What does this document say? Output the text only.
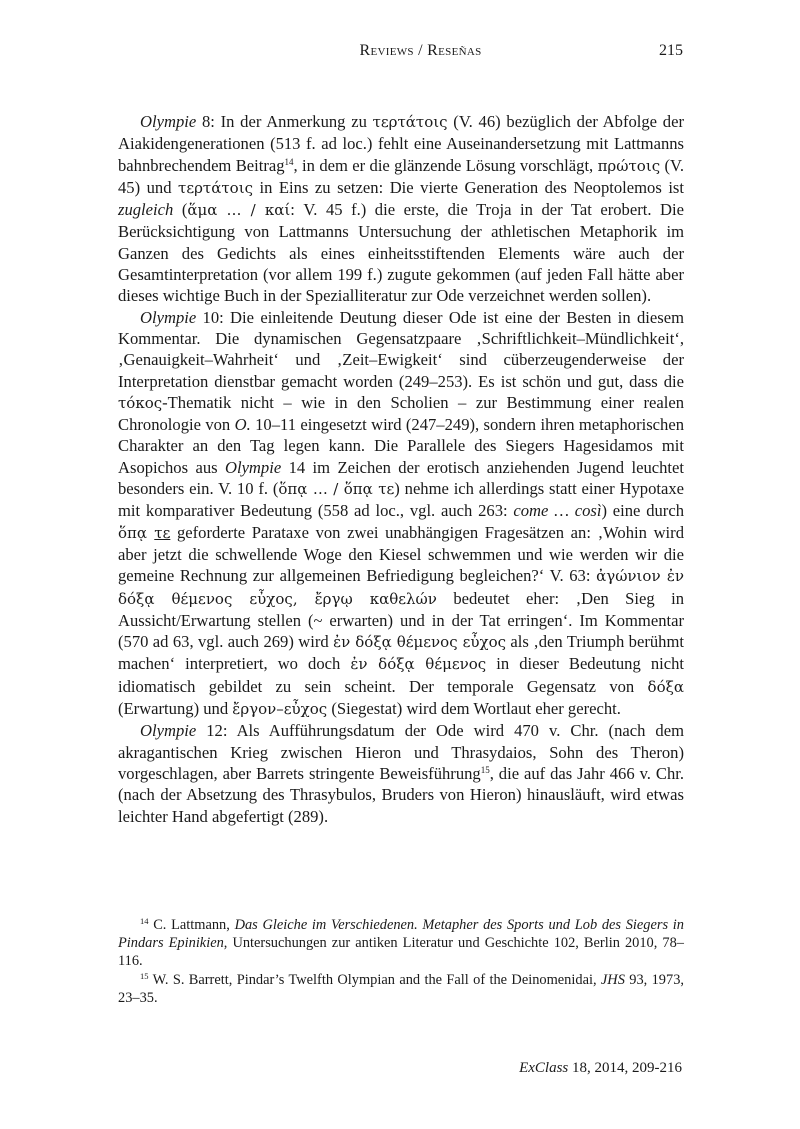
Reviews / Reseñas	215

Olympie 8: In der Anmerkung zu τερτάτοις (V. 46) bezüglich der Abfolge der Aiakidengenerationen (513 f. ad loc.) fehlt eine Auseinandersetzung mit Lattmanns bahnbrechendem Beitrag$^{14}$, in dem er die glänzende Lösung vorschlägt, πρώτοις (V. 45) und τερτάτοις in Eins zu setzen: Die vierte Generation des Neoptolemos ist zugleich (ἅμα … / καί: V. 45 f.) die erste, die Troja in der Tat erobert. Die Berücksichtigung von Lattmanns Untersuchung der athletischen Metaphorik im Ganzen des Gedichts als eines einheitsstiftenden Elements wäre auch der Gesamtinterpretation (vor allem 199 f.) zugute gekommen (auf jeden Fall hätte aber dieses wichtige Buch in der Spezialliteratur zur Ode verzeichnet werden sollen).

Olympie 10: Die einleitende Deutung dieser Ode ist eine der Besten in diesem Kommentar. Die dynamischen Gegensatzpaare ‚Schriftlichkeit–Mündlichkeit‘, ‚Genauigkeit–Wahrheit‘ und ‚Zeit–Ewigkeit‘ sind cüberzeugenderweise der Interpretation dienstbar gemacht worden (249–253). Es ist schön und gut, dass die τόκος-Thematik nicht – wie in den Scholien – zur Bestimmung einer realen Chronologie von O. 10–11 eingesetzt wird (247–249), sondern ihren metaphorischen Charakter an den Tag legen kann. Die Parallele des Siegers Hagesidamos mit Asopichos aus Olympie 14 im Zeichen der erotisch anziehenden Jugend leuchtet besonders ein. V. 10 f. (ὅπᾳ … / ὅπᾳ τε) nehme ich allerdings statt einer Hypotaxe mit komparativer Bedeutung (558 ad loc., vgl. auch 263: come … così) eine durch ὅπᾳ τε geforderte Parataxe von zwei unabhängigen Fragesätzen an: ‚Wohin wird aber jetzt die schwellende Woge den Kiesel schwemmen und wie werden wir die gemeine Rechnung zur allgemeinen Befriedigung begleichen?‘ V. 63: ἀγώνιον ἐν δόξᾳ θέμενος εὖχος, ἔργῳ καθελών bedeutet eher: ‚Den Sieg in Aussicht/Erwartung stellen (~ erwarten) und in der Tat erringen‘. Im Kommentar (570 ad 63, vgl. auch 269) wird ἐν δόξᾳ θέμενος εὖχος als ‚den Triumph berühmt machen‘ interpretiert, wo doch ἐν δόξᾳ θέμενος in dieser Bedeutung nicht idiomatisch gebildet zu sein scheint. Der temporale Gegensatz von δόξα (Erwartung) und ἔργον–εὖχος (Siegestat) wird dem Wortlaut eher gerecht.

Olympie 12: Als Aufführungsdatum der Ode wird 470 v. Chr. (nach dem akragantischen Krieg zwischen Hieron und Thrasydaios, Sohn des Theron) vorgeschlagen, aber Barrets stringente Beweisführung$^{15}$, die auf das Jahr 466 v. Chr. (nach der Absetzung des Thrasybulos, Bruders von Hieron) hinausläuft, wird etwas leichter Hand abgefertigt (289).

$^{14}$ C. Lattmann, Das Gleiche im Verschiedenen. Metapher des Sports und Lob des Siegers in Pindars Epinikien, Untersuchungen zur antiken Literatur und Geschichte 102, Berlin 2010, 78–116.

$^{15}$ W. S. Barrett, Pindar’s Twelfth Olympian and the Fall of the Deinomenidai, JHS 93, 1973, 23–35.

ExClass 18, 2014, 209-216
